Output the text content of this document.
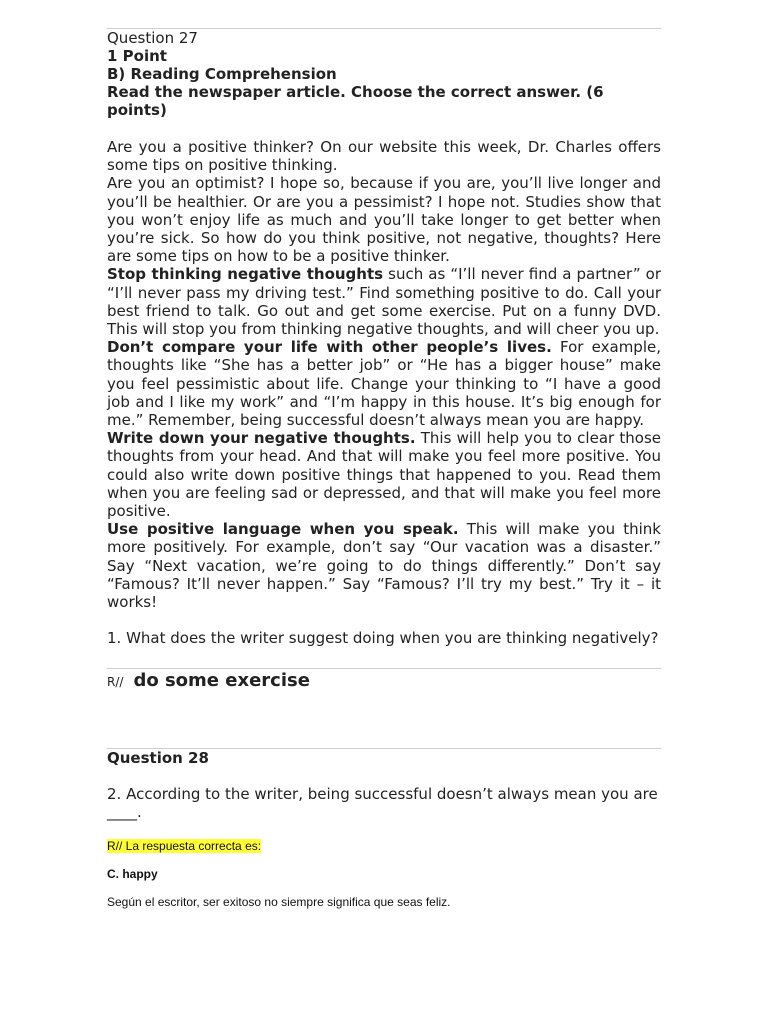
Question 27
1 Point
B) Reading Comprehension
Read the newspaper article. Choose the correct answer. (6 points)

Are you a positive thinker? On our website this week, Dr. Charles offers some tips on positive thinking.

Are you an optimist? I hope so, because if you are, you’ll live longer and you’ll be healthier. Or are you a pessimist? I hope not. Studies show that you won’t enjoy life as much and you’ll take longer to get better when you’re sick. So how do you think positive, not negative, thoughts? Here are some tips on how to be a positive thinker.

Stop thinking negative thoughts such as “I’ll never find a partner” or “I’ll never pass my driving test.” Find something positive to do. Call your best friend to talk. Go out and get some exercise. Put on a funny DVD. This will stop you from thinking negative thoughts, and will cheer you up.

Don’t compare your life with other people’s lives. For example, thoughts like “She has a better job” or “He has a bigger house” make you feel pessimistic about life. Change your thinking to “I have a good job and I like my work” and “I’m happy in this house. It’s big enough for me.” Remember, being successful doesn’t always mean you are happy.

Write down your negative thoughts. This will help you to clear those thoughts from your head. And that will make you feel more positive. You could also write down positive things that happened to you. Read them when you are feeling sad or depressed, and that will make you feel more positive.

Use positive language when you speak. This will make you think more positively. For example, don’t say “Our vacation was a disaster.” Say “Next vacation, we’re going to do things differently.” Don’t say “Famous? It’ll never happen.” Say “Famous? I’ll try my best.” Try it – it works!

1. What does the writer suggest doing when you are thinking negatively?

R// do some exercise
Question 28

2. According to the writer, being successful doesn’t always mean you are ____.

R// La respuesta correcta es:
C. happy
Según el escritor, ser exitoso no siempre significa que seas feliz.
